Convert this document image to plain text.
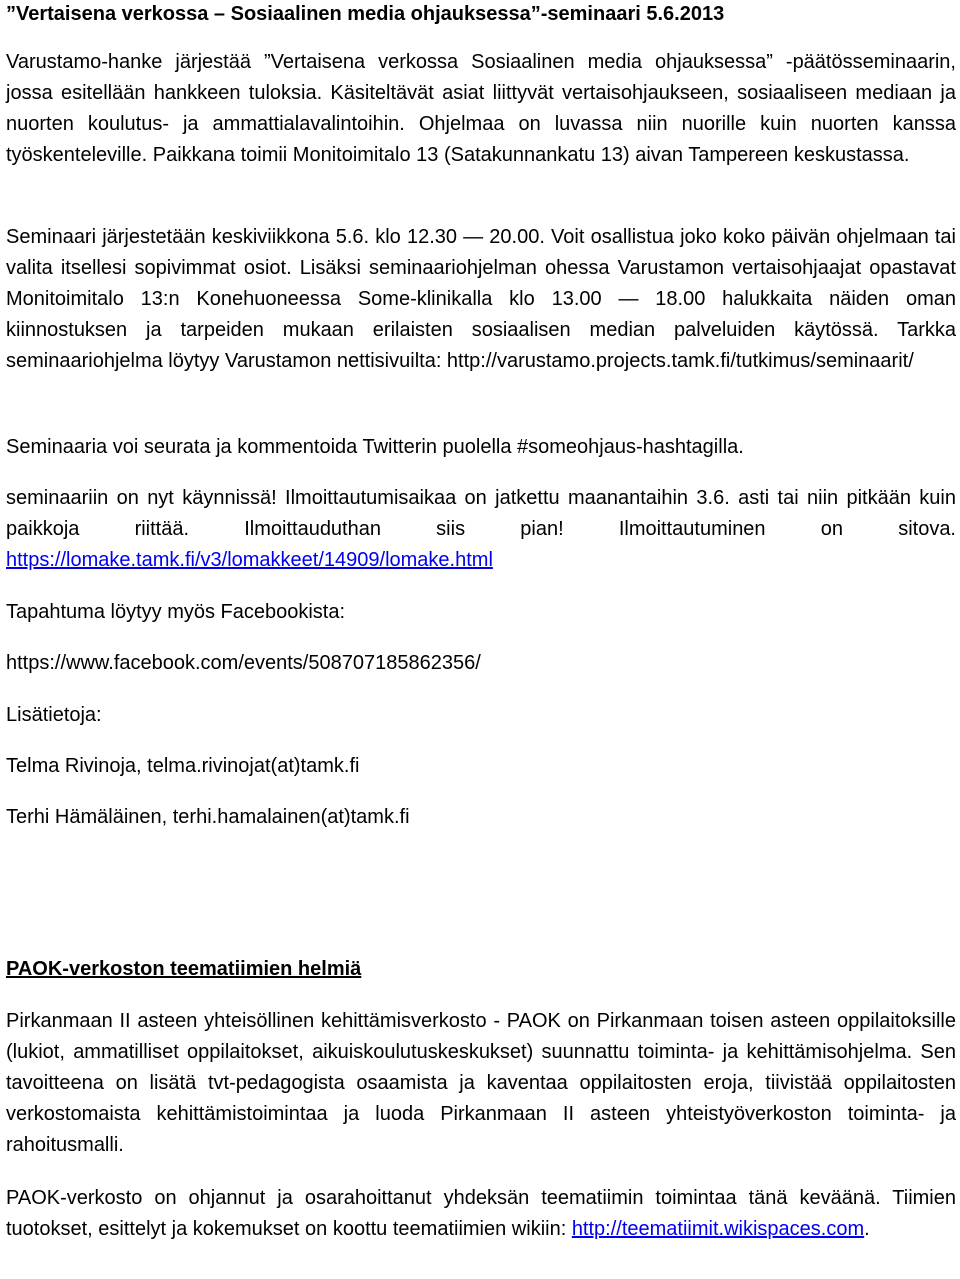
”Vertaisena verkossa – Sosiaalinen media ohjauksessa”-seminaari 5.6.2013

Varustamo-hanke järjestää ”Vertaisena verkossa Sosiaalinen media ohjauksessa” -päätösseminaarin, jossa esitellään hankkeen tuloksia. Käsiteltävät asiat liittyvät vertaisohjaukseen, sosiaaliseen mediaan ja nuorten koulutus- ja ammattialavalintoihin. Ohjelmaa on luvassa niin nuorille kuin nuorten kanssa työskenteleville. Paikkana toimii Monitoimitalo 13 (Satakunnankatu 13) aivan Tampereen keskustassa.

Seminaari järjestetään keskiviikkona 5.6. klo 12.30 — 20.00. Voit osallistua joko koko päivän ohjelmaan tai valita itsellesi sopivimmat osiot. Lisäksi seminaariohjelman ohessa Varustamon vertaisohjaajat opastavat Monitoimitalo 13:n Konehuoneessa Some-klinikalla klo 13.00 — 18.00 halukkaita näiden oman kiinnostuksen ja tarpeiden mukaan erilaisten sosiaalisen median palveluiden käytössä. Tarkka seminaariohjelma löytyy Varustamon nettisivuilta: http://varustamo.projects.tamk.fi/tutkimus/seminaarit/

Seminaaria voi seurata ja kommentoida Twitterin puolella #someohjaus-hashtagilla.

seminaariin on nyt käynnissä! Ilmoittautumisaikaa on jatkettu maanantaihin 3.6. asti tai niin pitkään kuin paikkoja riittää. Ilmoittauduthan siis pian! Ilmoittautuminen on sitova. https://lomake.tamk.fi/v3/lomakkeet/14909/lomake.html

Tapahtuma löytyy myös Facebookista:

https://www.facebook.com/events/508707185862356/

Lisätietoja:

Telma Rivinoja, telma.rivinojat(at)tamk.fi

Terhi Hämäläinen, terhi.hamalainen(at)tamk.fi

PAOK-verkoston teematiimien helmiä

Pirkanmaan II asteen yhteisöllinen kehittämisverkosto - PAOK on Pirkanmaan toisen asteen oppilaitoksille (lukiot, ammatilliset oppilaitokset, aikuiskoulutuskeskukset) suunnattu toiminta- ja kehittämisohjelma. Sen tavoitteena on lisätä tvt-pedagogista osaamista ja kaventaa oppilaitosten eroja, tiivistää oppilaitosten verkostomaista kehittämistoimintaa ja luoda Pirkanmaan II asteen yhteistyöverkoston toiminta- ja rahoitusmalli.

PAOK-verkosto on ohjannut ja osarahoittanut yhdeksän teematiimin toimintaa tänä keväänä. Tiimien tuotokset, esittelyt ja kokemukset on koottu teematiimien wikiin: http://teematiimit.wikispaces.com.
